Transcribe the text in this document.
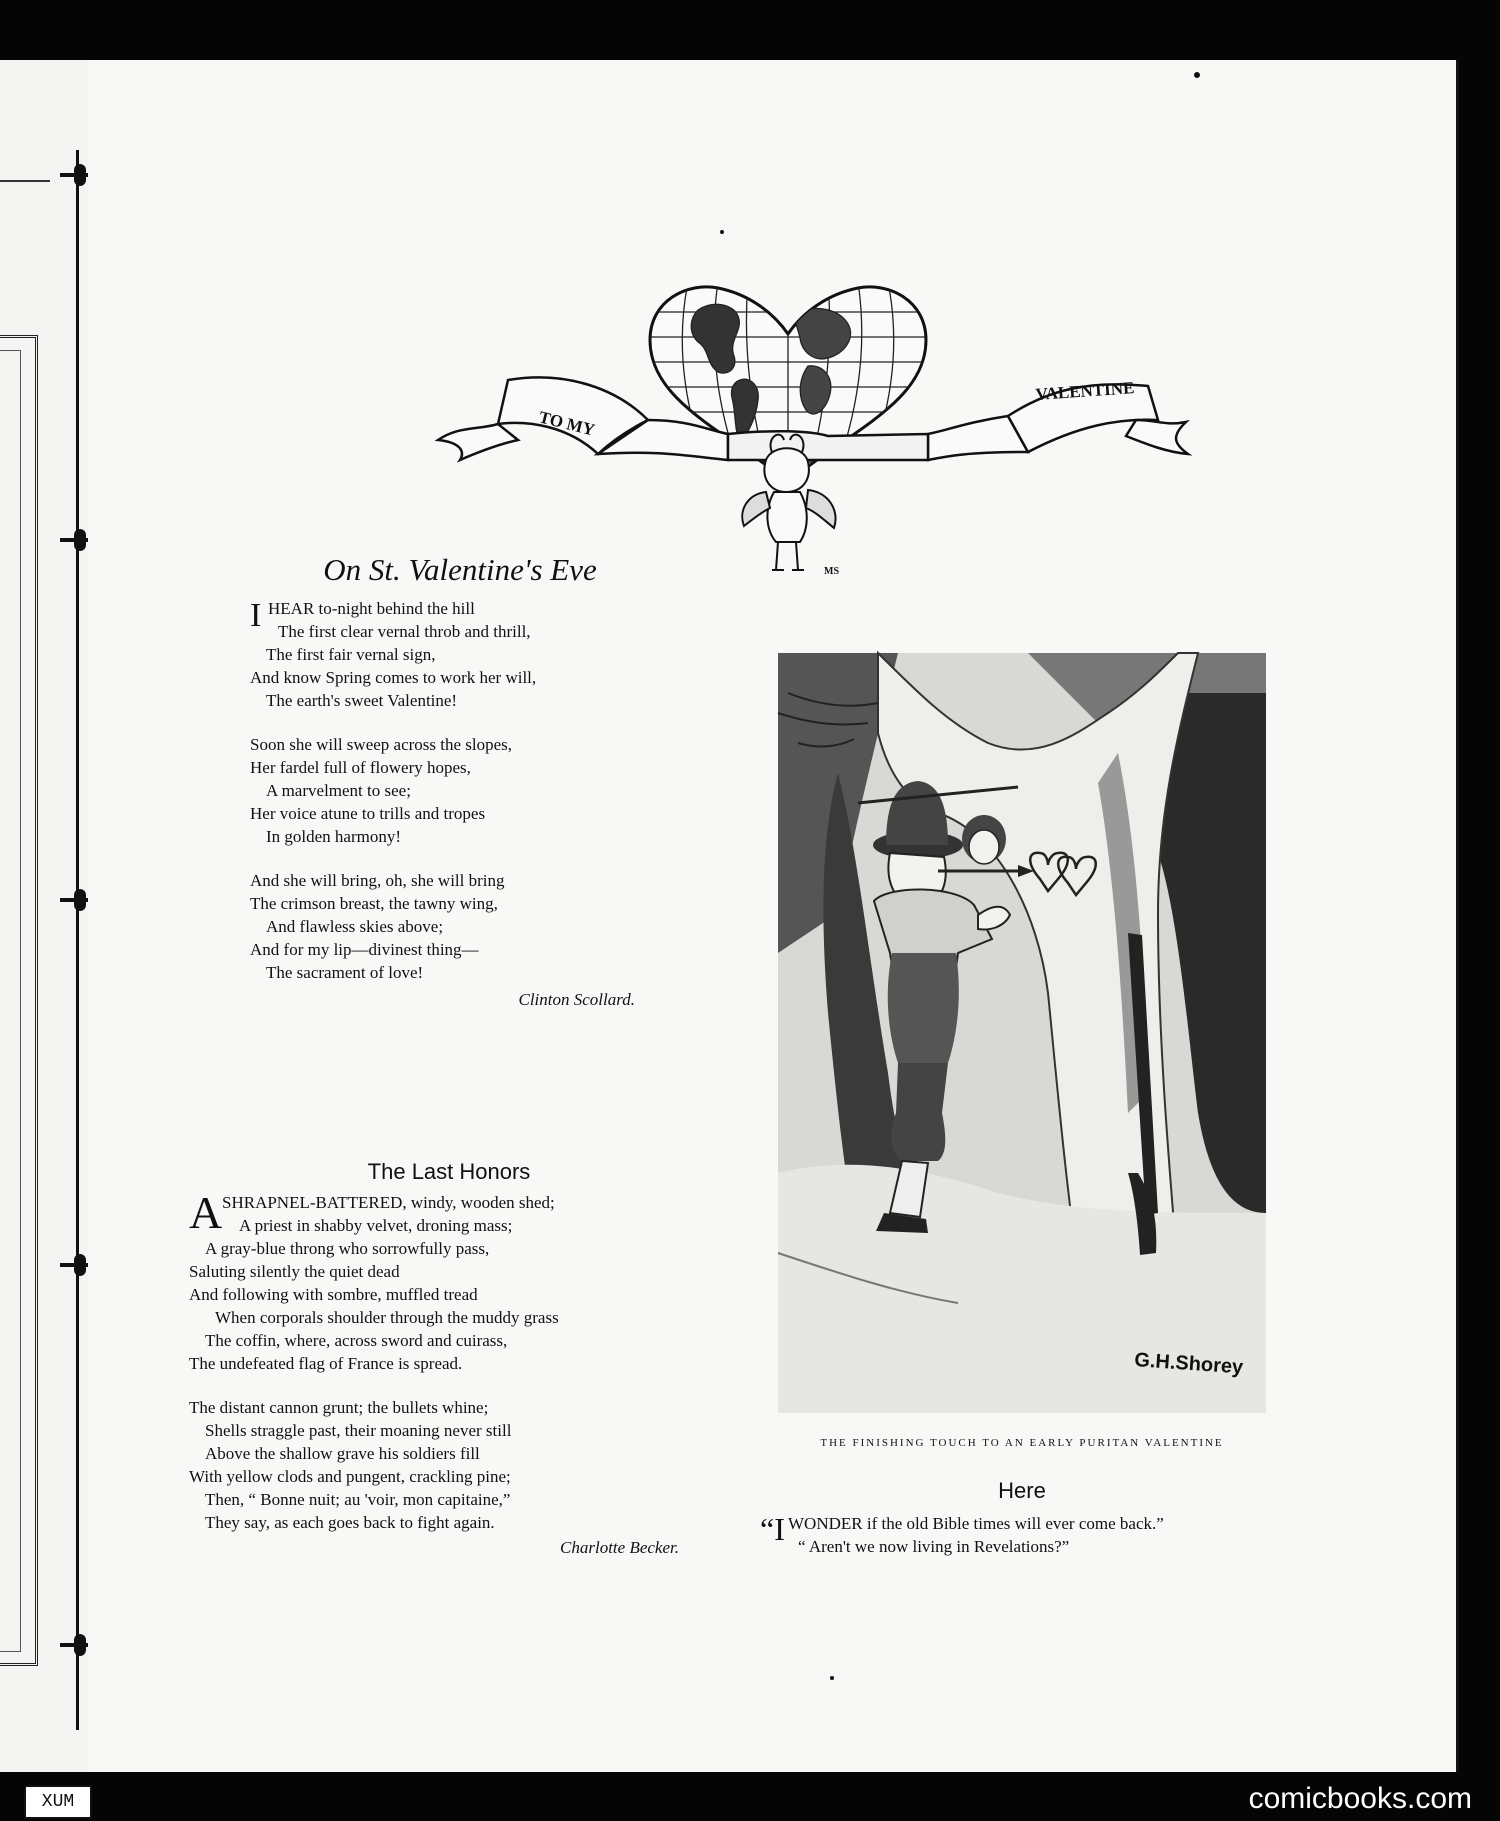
TO MY
VALENTINE
MS
On St. Valentine's Eve
I HEAR to-night behind the hill
The first clear vernal throb and thrill,
The first fair vernal sign,
And know Spring comes to work her will,
The earth's sweet Valentine!
Soon she will sweep across the slopes,
Her fardel full of flowery hopes,
A marvelment to see;
Her voice atune to trills and tropes
In golden harmony!
And she will bring, oh, she will bring
The crimson breast, the tawny wing,
And flawless skies above;
And for my lip—divinest thing—
The sacrament of love!
Clinton Scollard.
The Last Honors
A SHRAPNEL-BATTERED, windy, wooden shed;
A priest in shabby velvet, droning mass;
A gray-blue throng who sorrowfully pass,
Saluting silently the quiet dead
And following with sombre, muffled tread
When corporals shoulder through the muddy grass
The coffin, where, across sword and cuirass,
The undefeated flag of France is spread.
The distant cannon grunt; the bullets whine;
Shells straggle past, their moaning never still
Above the shallow grave his soldiers fill
With yellow clods and pungent, crackling pine;
Then, “ Bonne nuit; au 'voir, mon capitaine,”
They say, as each goes back to fight again.
Charlotte Becker.
G.H.Shorey
THE FINISHING TOUCH TO AN EARLY PURITAN VALENTINE
Here
“I WONDER if the old Bible times will ever come back.”
“ Aren't we now living in Revelations?”
XUM	comicbooks.com
